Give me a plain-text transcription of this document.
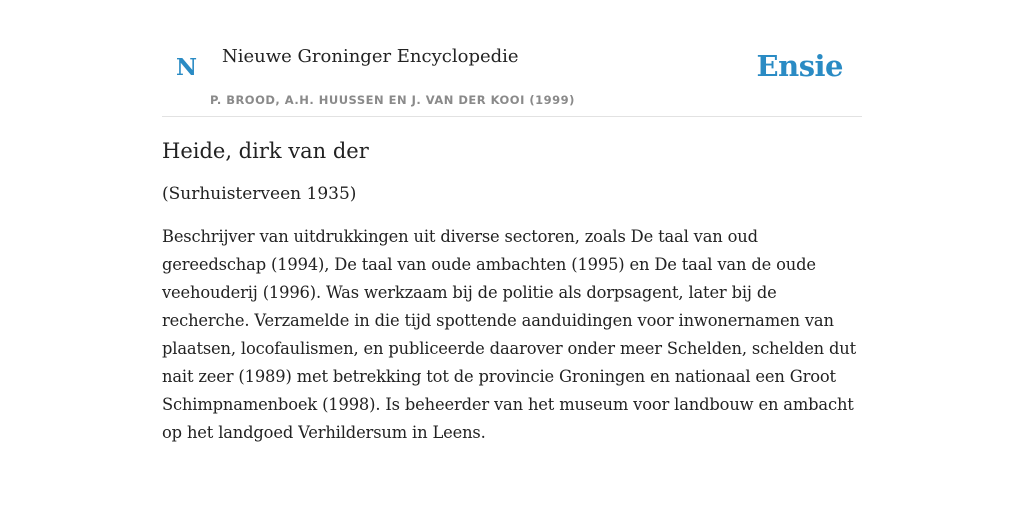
N Nieuwe Groninger Encyclopedie
P. BROOD, A.H. HUUSSEN EN J. VAN DER KOOI (1999)
Ensie
Heide, dirk van der

(Surhuisterveen 1935)

Beschrijver van uitdrukkingen uit diverse sectoren, zoals De taal van oud gereedschap (1994), De taal van oude ambachten (1995) en De taal van de oude veehouderij (1996). Was werkzaam bij de politie als dorpsagent, later bij de recherche. Verzamelde in die tijd spottende aanduidingen voor inwonernamen van plaatsen, locofaulismen, en publiceerde daarover onder meer Schelden, schelden dut nait zeer (1989) met betrekking tot de provincie Groningen en nationaal een Groot Schimpnamenboek (1998). Is beheerder van het museum voor landbouw en ambacht op het landgoed Verhildersum in Leens.
